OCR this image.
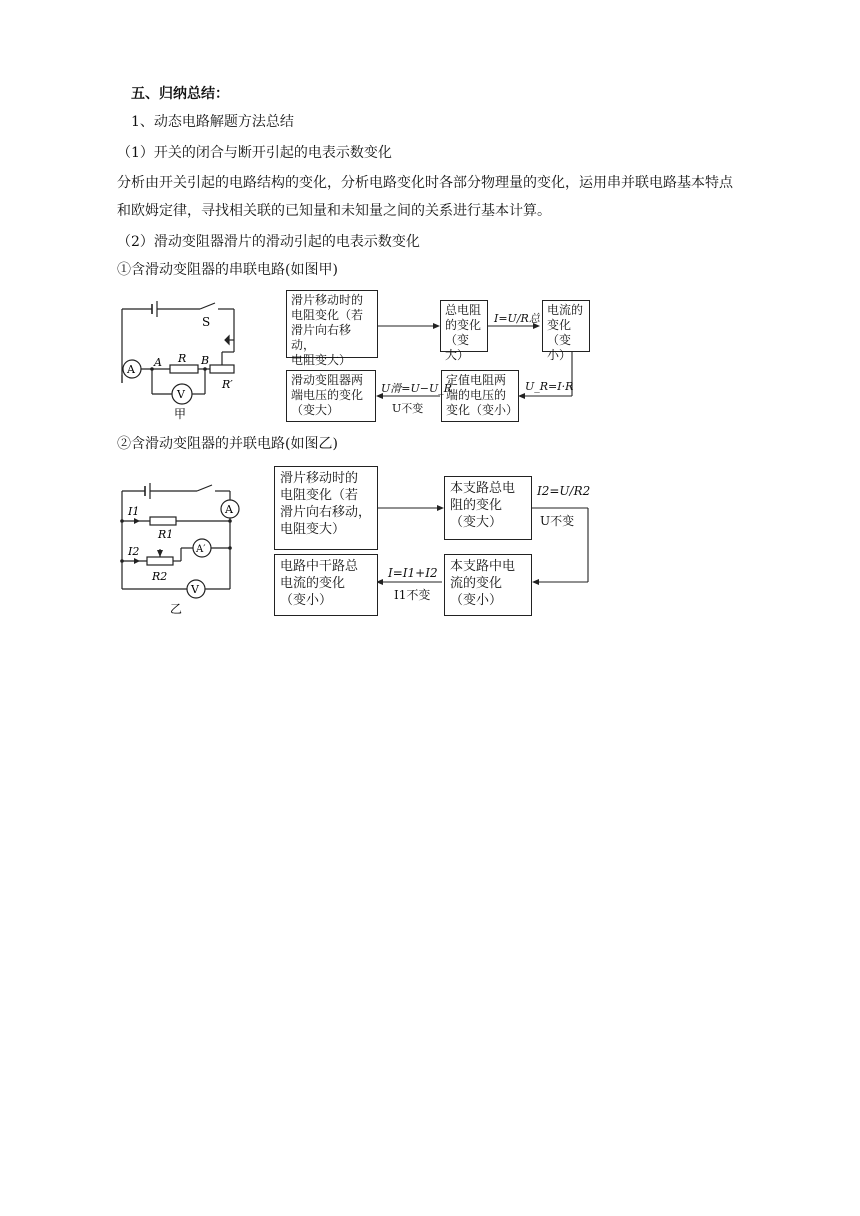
五、归纳总结：
1、动态电路解题方法总结
（1）开关的闭合与断开引起的电表示数变化
分析由开关引起的电路结构的变化，分析电路变化时各部分物理量的变化，运用串并联电路基本特点
和欧姆定律，寻找相关联的已知量和未知量之间的关系进行基本计算。
（2）滑动变阻器滑片的滑动引起的电表示数变化
①含滑动变阻器的串联电路(如图甲)
②含滑动变阻器的并联电路(如图乙)
S
A R B
R′
A
V
甲
滑片移动时的
电阻变化（若
滑片向右移动，
电阻变大）
总电阻
的变化
（变大）
电流的
变化
（变小）
滑动变阻器两
端电压的变化
（变大）
定值电阻两
端的电压的
变化（变小）
I=U/R总
U_R=I·R
U滑=U−U_R
U不变
I1
R1
I2
R2
A
A′
V
乙
滑片移动时的
电阻变化（若
滑片向右移动，
电阻变大）
本支路总电
阻的变化
（变大）
本支路中电
流的变化
（变小）
电路中干路总
电流的变化
（变小）
I2=U/R2
U不变
I=I1+I2
I1不变
